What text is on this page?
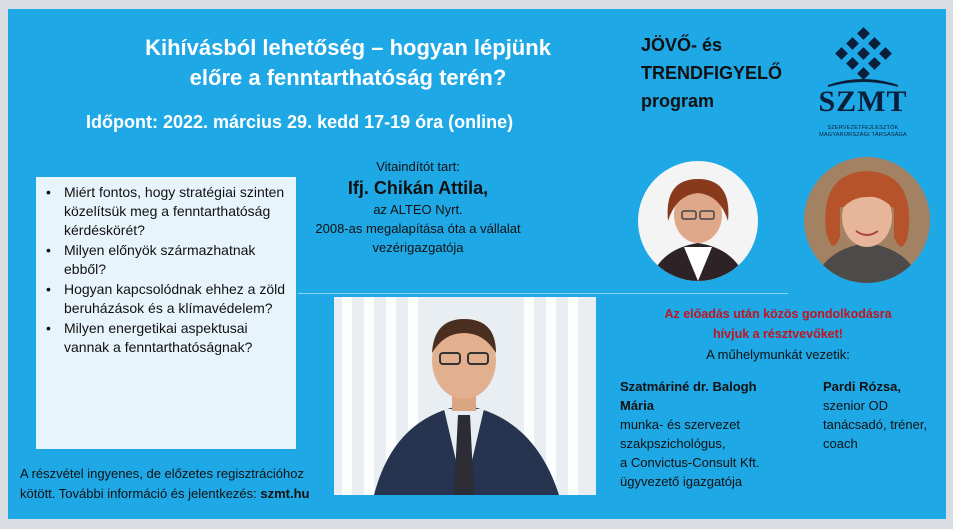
Kihívásból lehetőség – hogyan lépjünk
előre a fenntarthatóság terén?
Időpont: 2022. március 29. kedd 17-19 óra (online)
JÖVŐ- és
TRENDFIGYELŐ
program	SZMT
SZERVEZETFEJLESZTŐK
MAGYARORSZÁGI TÁRSASÁGA
Vitaindítót tart:
Ifj. Chikán Attila,
az ALTEO Nyrt.
2008-as megalapítása óta a vállalat
vezérigazgatója
• Miért fontos, hogy stratégiai szinten közelítsük meg a fenntarthatóság kérdéskörét?
• Milyen előnyök származhatnak ebből?
• Hogyan kapcsolódnak ehhez a zöld beruházások és a klímavédelem?
• Milyen energetikai aspektusai vannak a fenntarthatóságnak?
Az előadás után közös gondolkodásra
hívjuk a résztvevőket!
A műhelymunkát vezetik:
Szatmáriné dr. Balogh
Mária
munka- és szervezet
szakpszichológus,
a Convictus-Consult Kft.
ügyvezető igazgatója
Pardi Rózsa,
szenior OD
tanácsadó, tréner,
coach
A részvétel ingyenes, de előzetes regisztrációhoz
kötött. További információ és jelentkezés: szmt.hu
